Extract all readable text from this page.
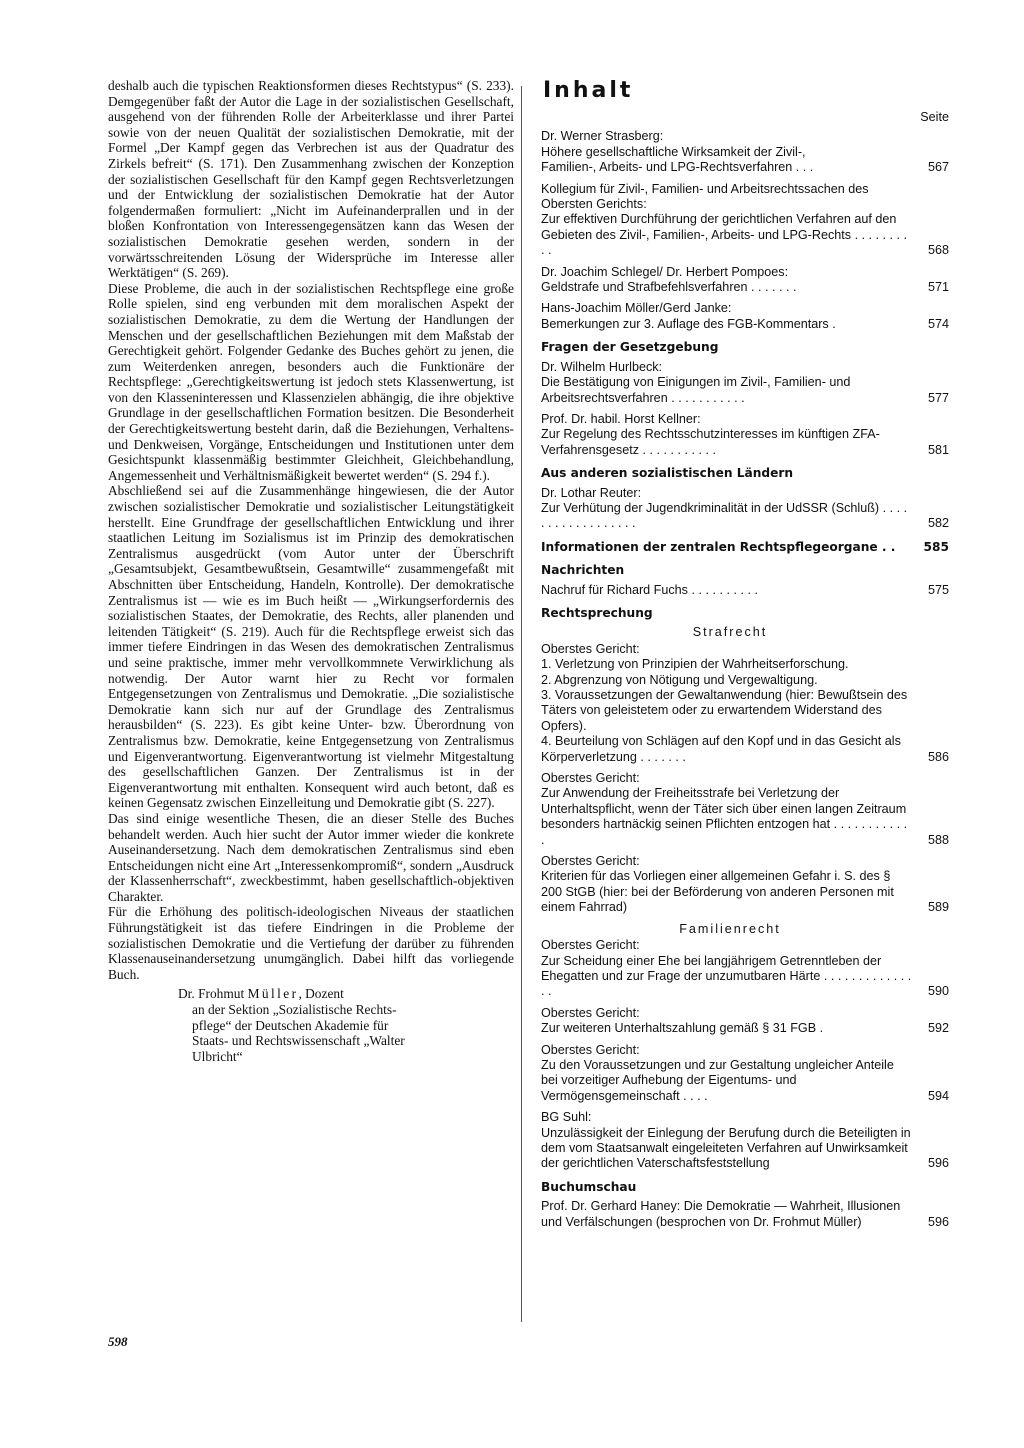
deshalb auch die typischen Reaktionsformen dieses Rechtstypus“ (S. 233). Demgegenüber faßt der Autor die Lage in der sozialistischen Gesellschaft, ausgehend von der führenden Rolle der Arbeiterklasse und ihrer Partei sowie von der neuen Qualität der sozialistischen Demokratie, mit der Formel „Der Kampf gegen das Verbrechen ist aus der Quadratur des Zirkels befreit“ (S. 171). Den Zusammenhang zwischen der Konzeption der sozialistischen Gesellschaft für den Kampf gegen Rechtsverletzungen und der Entwicklung der sozialistischen Demokratie hat der Autor folgendermaßen formuliert: „Nicht im Aufeinanderprallen und in der bloßen Konfrontation von Interessengegensätzen kann das Wesen der sozialistischen Demokratie gesehen werden, sondern in der vorwärtsschreitenden Lösung der Widersprüche im Interesse aller Werktätigen“ (S. 269).

Diese Probleme, die auch in der sozialistischen Rechtspflege eine große Rolle spielen, sind eng verbunden mit dem moralischen Aspekt der sozialistischen Demokratie, zu dem die Wertung der Handlungen der Menschen und der gesellschaftlichen Beziehungen mit dem Maßstab der Gerechtigkeit gehört. Folgender Gedanke des Buches gehört zu jenen, die zum Weiterdenken anregen, besonders auch die Funktionäre der Rechtspflege: „Gerechtigkeitswertung ist jedoch stets Klassenwertung, ist von den Klasseninteressen und Klassenzielen abhängig, die ihre objektive Grundlage in der gesellschaftlichen Formation besitzen. Die Besonderheit der Gerechtigkeitswertung besteht darin, daß die Beziehungen, Verhaltens- und Denkweisen, Vorgänge, Entscheidungen und Institutionen unter dem Gesichtspunkt klassenmäßig bestimmter Gleichheit, Gleichbehandlung, Angemessenheit und Verhältnismäßigkeit bewertet werden“ (S. 294 f.).

Abschließend sei auf die Zusammenhänge hingewiesen, die der Autor zwischen sozialistischer Demokratie und sozialistischer Leitungstätigkeit herstellt. Eine Grundfrage der gesellschaftlichen Entwicklung und ihrer staatlichen Leitung im Sozialismus ist im Prinzip des demokratischen Zentralismus ausgedrückt (vom Autor unter der Überschrift „Gesamtsubjekt, Gesamtbewußtsein, Gesamtwille“ zusammengefaßt mit Abschnitten über Entscheidung, Handeln, Kontrolle). Der demokratische Zentralismus ist — wie es im Buch heißt — „Wirkungserfordernis des sozialistischen Staates, der Demokratie, des Rechts, aller planenden und leitenden Tätigkeit“ (S. 219). Auch für die Rechtspflege erweist sich das immer tiefere Eindringen in das Wesen des demokratischen Zentralismus und seine praktische, immer mehr vervollkommnete Verwirklichung als notwendig. Der Autor warnt hier zu Recht vor formalen Entgegensetzungen von Zentralismus und Demokratie. „Die sozialistische Demokratie kann sich nur auf der Grundlage des Zentralismus herausbilden“ (S. 223). Es gibt keine Unter- bzw. Überordnung von Zentralismus bzw. Demokratie, keine Entgegensetzung von Zentralismus und Eigenverantwortung. Eigenverantwortung ist vielmehr Mitgestaltung des gesellschaftlichen Ganzen. Der Zentralismus ist in der Eigenverantwortung mit enthalten. Konsequent wird auch betont, daß es keinen Gegensatz zwischen Einzelleitung und Demokratie gibt (S. 227).

Das sind einige wesentliche Thesen, die an dieser Stelle des Buches behandelt werden. Auch hier sucht der Autor immer wieder die konkrete Auseinandersetzung. Nach dem demokratischen Zentralismus sind eben Entscheidungen nicht eine Art „Interessenkompromiß“, sondern „Ausdruck der Klassenherrschaft“, zweckbestimmt, haben gesellschaftlich-objektiven Charakter.

Für die Erhöhung des politisch-ideologischen Niveaus der staatlichen Führungstätigkeit ist das tiefere Eindringen in die Probleme der sozialistischen Demokratie und die Vertiefung der darüber zu führenden Klassenauseinandersetzung unumgänglich. Dabei hilft das vorliegende Buch.

Dr. Frohmut Müller, Dozent
an der Sektion „Sozialistische Rechts-
pflege“ der Deutschen Akademie für
Staats- und Rechtswissenschaft „Walter
Ulbricht“
598
Inhalt
Seite
Dr. Werner Strasberg:
Höhere gesellschaftliche Wirksamkeit der Zivil-,
Familien-, Arbeits- und LPG-Rechtsverfahren . . .	567
Kollegium für Zivil-, Familien- und Arbeitsrechtssachen des Obersten Gerichts:
Zur effektiven Durchführung der gerichtlichen Verfahren auf den Gebieten des Zivil-, Familien-, Arbeits- und LPG-Rechts . . . . . . . . . .	568
Dr. Joachim Schlegel/ Dr. Herbert Pompoes:
Geldstrafe und Strafbefehlsverfahren . . . . . . .	571
Hans-Joachim Möller/Gerd Janke:
Bemerkungen zur 3. Auflage des FGB-Kommentars .	574
Fragen der Gesetzgebung
Dr. Wilhelm Hurlbeck:
Die Bestätigung von Einigungen im Zivil-, Familien- und Arbeitsrechtsverfahren . . . . . . . . . . .	577
Prof. Dr. habil. Horst Kellner:
Zur Regelung des Rechtsschutzinteresses im künftigen ZFA-Verfahrensgesetz . . . . . . . . . . .	581
Aus anderen sozialistischen Ländern
Dr. Lothar Reuter:
Zur Verhütung der Jugendkriminalität in der UdSSR (Schluß) . . . . . . . . . . . . . . . . . .	582
Informationen der zentralen Rechtspflegeorgane . .	585
Nachrichten
Nachruf für Richard Fuchs . . . . . . . . . .	575
Rechtsprechung
Strafrecht
Oberstes Gericht:
1. Verletzung von Prinzipien der Wahrheitserforschung.
2. Abgrenzung von Nötigung und Vergewaltigung.
3. Voraussetzungen der Gewaltanwendung (hier: Bewußtsein des Täters von geleistetem oder zu erwartendem Widerstand des Opfers).
4. Beurteilung von Schlägen auf den Kopf und in das Gesicht als Körperverletzung . . . . . . .	586
Oberstes Gericht:
Zur Anwendung der Freiheitsstrafe bei Verletzung der Unterhaltspflicht, wenn der Täter sich über einen langen Zeitraum besonders hartnäckig seinen Pflichten entzogen hat . . . . . . . . . . . .	588
Oberstes Gericht:
Kriterien für das Vorliegen einer allgemeinen Gefahr i. S. des § 200 StGB (hier: bei der Beförderung von anderen Personen mit einem Fahrrad)	589
Familienrecht
Oberstes Gericht:
Zur Scheidung einer Ehe bei langjährigem Getrenntleben der Ehegatten und zur Frage der unzumutbaren Härte . . . . . . . . . . . . . . .	590
Oberstes Gericht:
Zur weiteren Unterhaltszahlung gemäß § 31 FGB .	592
Oberstes Gericht:
Zu den Voraussetzungen und zur Gestaltung ungleicher Anteile bei vorzeitiger Aufhebung der Eigentums- und Vermögensgemeinschaft . . . .	594
BG Suhl:
Unzulässigkeit der Einlegung der Berufung durch die Beteiligten in dem vom Staatsanwalt eingeleiteten Verfahren auf Unwirksamkeit der gerichtlichen Vaterschaftsfeststellung	596
Buchumschau
Prof. Dr. Gerhard Haney: Die Demokratie — Wahrheit, Illusionen und Verfälschungen (besprochen von Dr. Frohmut Müller)	596
